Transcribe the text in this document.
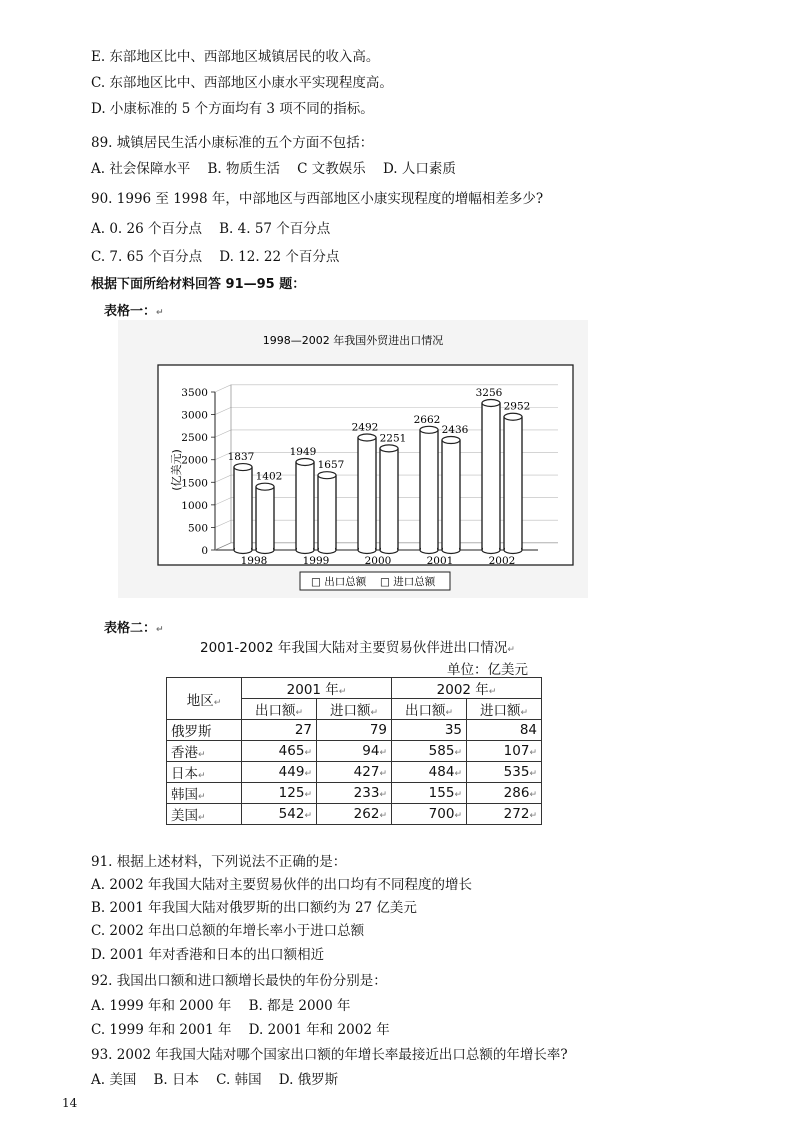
E. 东部地区比中、西部地区城镇居民的收入高。
C. 东部地区比中、西部地区小康水平实现程度高。
D. 小康标准的 5 个方面均有 3 项不同的指标。
89. 城镇居民生活小康标准的五个方面不包括：
A. 社会保障水平    B. 物质生活    C 文教娱乐    D. 人口素质
90. 1996 至 1998 年，中部地区与西部地区小康实现程度的增幅相差多少?
A. 0. 26 个百分点    B. 4. 57 个百分点
C. 7. 65 个百分点    D. 12. 22 个百分点
根据下面所给材料回答 91—95 题：
表格一：↵
1998—2002 年我国外贸进出口情况
0
500
1000
1500
2000
2500
3000
3500
(亿美元)	1837
1402
1998
1949
1657
1999
2492
2251
2000
2662
2436
2001
3256
2952
2002
□ 出口总额 □ 进口总额
表格二：↵
2001-2002 年我国大陆对主要贸易伙伴进出口情况↵
单位：亿美元
地区↵	2001 年↵		2002 年↵	
	出口额↵	进口额↵	出口额↵	进口额↵
俄罗斯	27	79	35	84
香港↵	465↵	94↵	585↵	107↵
日本↵	449↵	427↵	484↵	535↵
韩国↵	125↵	233↵	155↵	286↵
美国↵	542↵	262↵	700↵	272↵
91. 根据上述材料，下列说法不正确的是：
A. 2002 年我国大陆对主要贸易伙伴的出口均有不同程度的增长
B. 2001 年我国大陆对俄罗斯的出口额约为 27 亿美元
C. 2002 年出口总额的年增长率小于进口总额
D. 2001 年对香港和日本的出口额相近
92. 我国出口额和进口额增长最快的年份分别是：
A. 1999 年和 2000 年    B. 都是 2000 年
C. 1999 年和 2001 年    D. 2001 年和 2002 年
93. 2002 年我国大陆对哪个国家出口额的年增长率最接近出口总额的年增长率?
A. 美国    B. 日本    C. 韩国    D. 俄罗斯
14
